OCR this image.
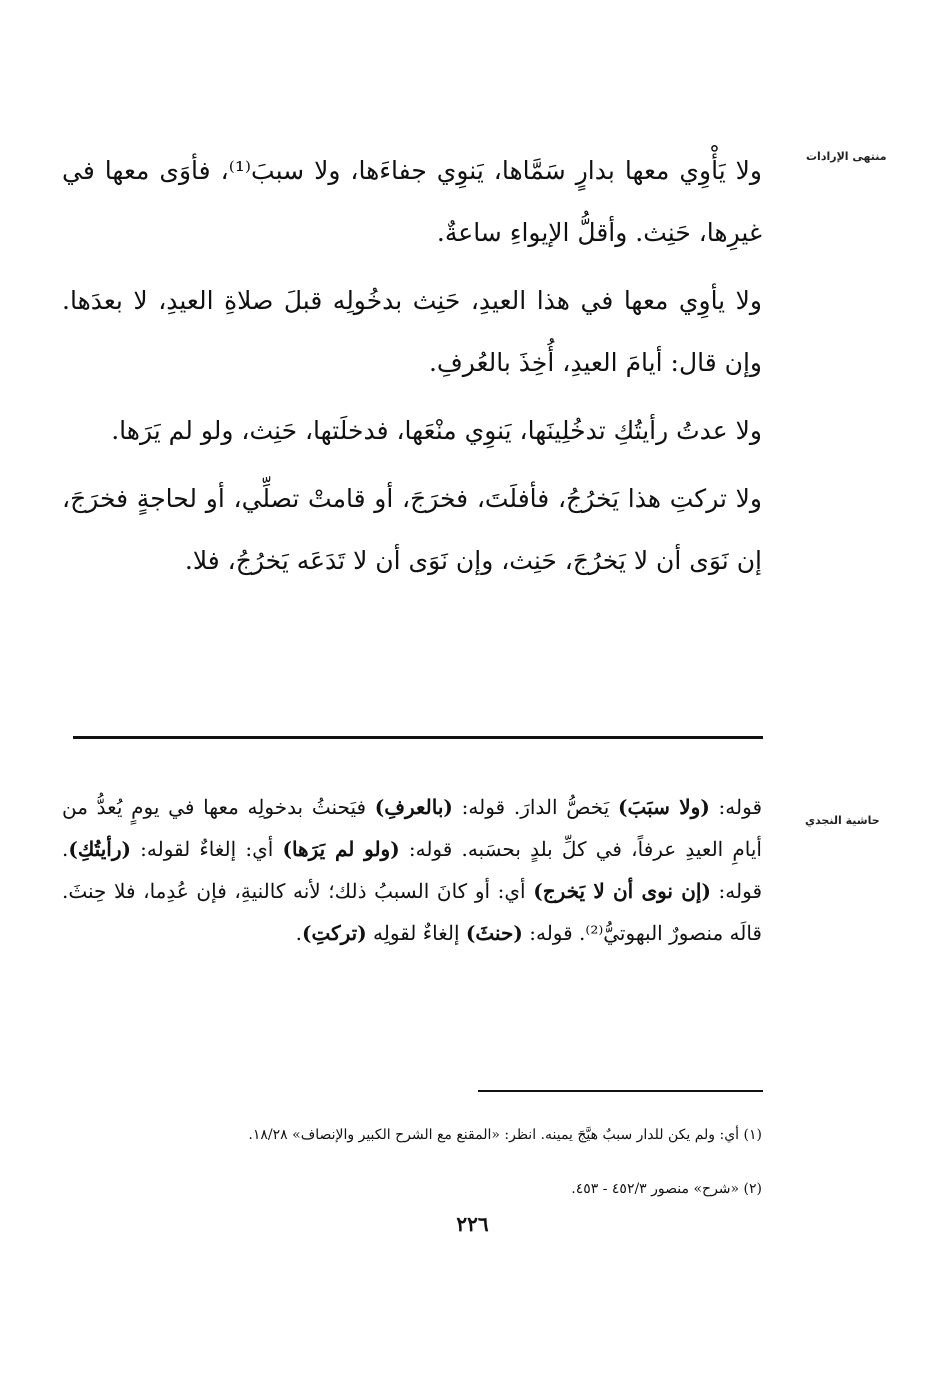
منتهى الإرادات

ولا يَأْوِي معها بدارٍ سَمَّاها، يَنوِي جفاءَها، ولا سببَ⁽¹⁾، فأوَى معها في غيرِها، حَنِث. وأقلُّ الإيواءِ ساعةٌ.

ولا يأوِي معها في هذا العيدِ، حَنِث بدخُولِه قبلَ صلاةِ العيدِ، لا بعدَها. وإن قال: أيامَ العيدِ، أُخِذَ بالعُرفِ.

ولا عدتُ رأيتُكِ تدخُلِينَها، يَنوِي منْعَها، فدخلَتها، حَنِث، ولو لم يَرَها.

ولا تركتِ هذا يَخرُجُ، فأفلَتَ، فخرَجَ، أو قامتْ تصلِّي، أو لحاجةٍ فخرَجَ، إن نَوَى أن لا يَخرُجَ، حَنِث، وإن نَوَى أن لا تَدَعَه يَخرُجُ، فلا.

حاشية النجدي

قوله: (ولا سبَبَ) يَخصُّ الدارَ. قوله: (بالعرفِ) فيَحنثُ بدخولِه معها في يومٍ يُعدُّ من أيامِ العيدِ عرفاً، في كلِّ بلدٍ بحسَبه. قوله: (ولو لم يَرَها) أي: إلغاءٌ لقوله: (رأيتُكِ). قوله: (إن نوى أن لا يَخرج) أي: أو كانَ السببُ ذلك؛ لأنه كالنيةِ، فإن عُدِما، فلا حِنثَ. قالَه منصورٌ البهوتيُّ⁽²⁾. قوله: (حنثَ) إلغاءٌ لقولِه (تركتِ).

(١) أي: ولم يكن للدار سببٌ هيَّجَ يمينه. انظر: «المقنع مع الشرح الكبير والإنصاف» ١٨/٢٨.

(٢) «شرح» منصور ٤٥٢/٣ - ٤٥٣.

٢٢٦
